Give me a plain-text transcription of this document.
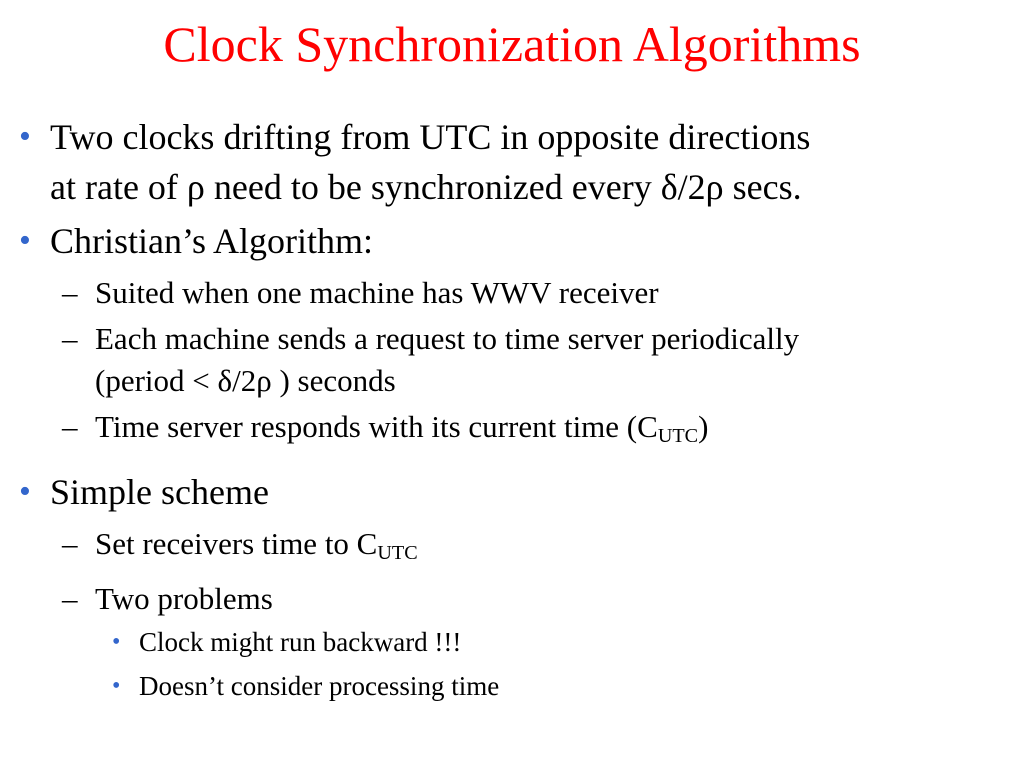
Clock Synchronization Algorithms
• Two clocks drifting from UTC in opposite directions
at rate of ρ need to be synchronized every δ/2ρ secs.
• Christian’s Algorithm:
– Suited when one machine has WWV receiver
– Each machine sends a request to time server periodically
(period < δ/2ρ ) seconds
– Time server responds with its current time $(C_{UTC})$
• Simple scheme
– Set receivers time to $C_{UTC}$
– Two problems
• Clock might run backward !!!
• Doesn’t consider processing time
